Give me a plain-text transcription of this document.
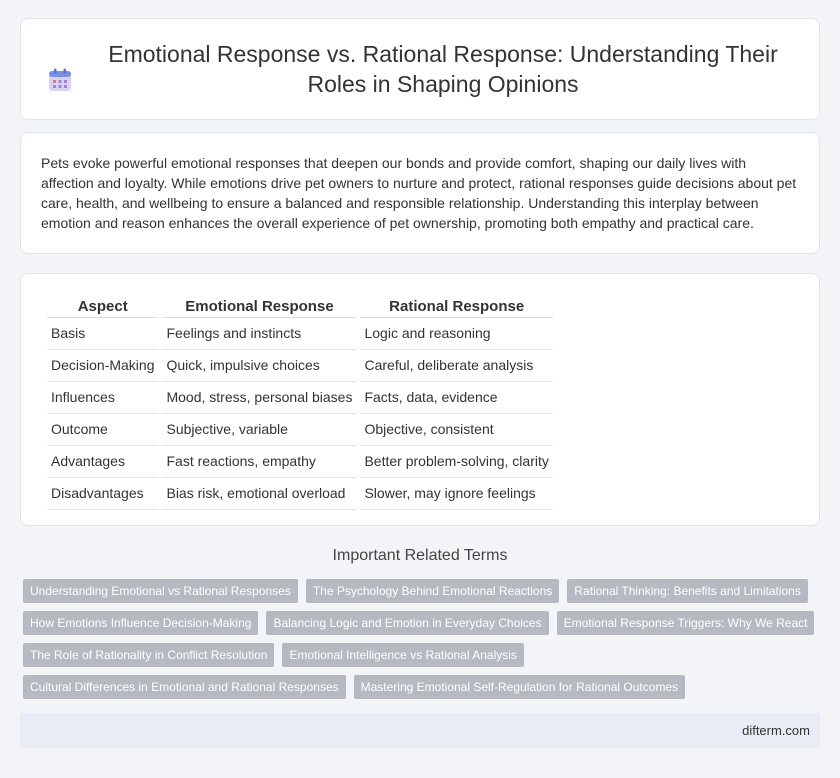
Emotional Response vs. Rational Response: Understanding Their Roles in Shaping Opinions

Pets evoke powerful emotional responses that deepen our bonds and provide comfort, shaping our daily lives with affection and loyalty. While emotions drive pet owners to nurture and protect, rational responses guide decisions about pet care, health, and wellbeing to ensure a balanced and responsible relationship. Understanding this interplay between emotion and reason enhances the overall experience of pet ownership, promoting both empathy and practical care.

Aspect	Emotional Response	Rational Response
Basis	Feelings and instincts	Logic and reasoning
Decision-Making	Quick, impulsive choices	Careful, deliberate analysis
Influences	Mood, stress, personal biases	Facts, data, evidence
Outcome	Subjective, variable	Objective, consistent
Advantages	Fast reactions, empathy	Better problem-solving, clarity
Disadvantages	Bias risk, emotional overload	Slower, may ignore feelings
Important Related Terms
Understanding Emotional vs Rational Responses	The Psychology Behind Emotional Reactions	Rational Thinking: Benefits and Limitations
How Emotions Influence Decision-Making	Balancing Logic and Emotion in Everyday Choices	Emotional Response Triggers: Why We React
The Role of Rationality in Conflict Resolution	Emotional Intelligence vs Rational Analysis
Cultural Differences in Emotional and Rational Responses	Mastering Emotional Self-Regulation for Rational Outcomes
difterm.com
